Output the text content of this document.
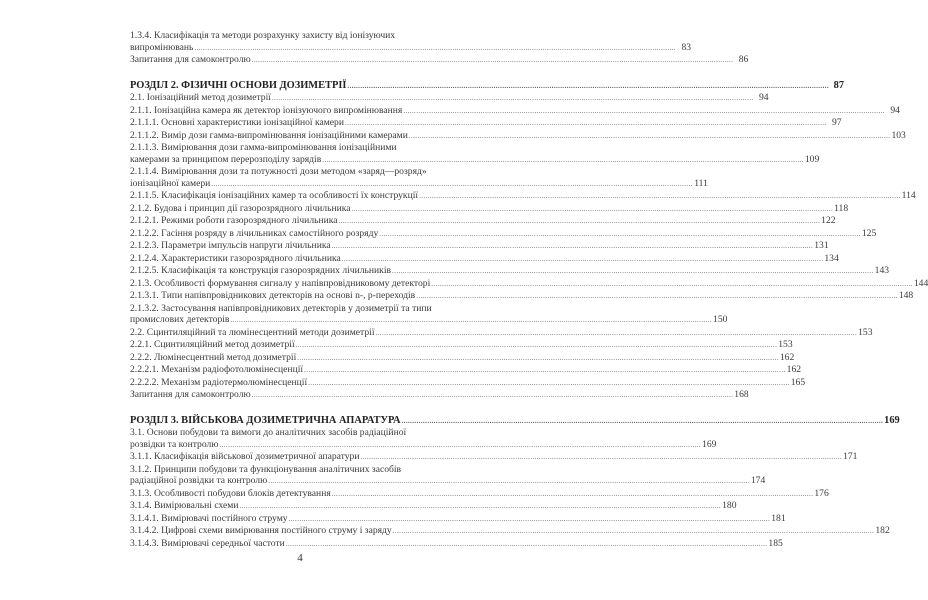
1.3.4. Класифікація та методи розрахунку захисту від іонізуючих
випромінювань .....	83
Запитання для самоконтролю .....	86
РОЗДІЛ 2. ФІЗИЧНІ ОСНОВИ ДОЗИМЕТРІЇ .....	87
2.1. Іонізаційний метод дозиметрії .....	94
2.1.1. Іонізаційна камера як детектор іонізуючого випромінювання .....	94
2.1.1.1. Основні характеристики іонізаційної камери .....	97
2.1.1.2. Вимір дози гамма-випромінювання іонізаційними камерами .....	103
2.1.1.3. Вимірювання дози гамма-випромінювання іонізаційними
камерами за принципом перерозподілу зарядів .....	109
2.1.1.4. Вимірювання дози та потужності дози методом «заряд—розряд»
іонізаційної камери .....	111
2.1.1.5. Класифікація іонізаційних камер та особливості їх конструкції .....	114
2.1.2. Будова і принцип дії газорозрядного лічильника .....	118
2.1.2.1. Режими роботи газорозрядного лічильника .....	122
2.1.2.2. Гасіння розряду в лічильниках самостійного розряду .....	125
2.1.2.3. Параметри імпульсів напруги лічильника .....	131
2.1.2.4. Характеристики газорозрядного лічильника .....	134
2.1.2.5. Класифікація та конструкція газорозрядних лічильників .....	143
2.1.3. Особливості формування сигналу у напівпровідниковому детекторі .....	144
2.1.3.1. Типи напівпровідникових детекторів на основі n-, p-переходів .....	148
2.1.3.2. Застосування напівпровідникових детекторів у дозиметрії та типи
промислових детекторів .....	150
2.2. Сцинтиляційний та люмінесцентний методи дозиметрії .....	153
2.2.1. Сцинтиляційний метод дозиметрії .....	153
2.2.2. Люмінесцентний метод дозиметрії .....	162
2.2.2.1. Механізм радіофотолюмінесценції .....	162
2.2.2.2. Механізм радіотермолюмінесценції .....	165
Запитання для самоконтролю .....	168
РОЗДІЛ 3. ВІЙСЬКОВА ДОЗИМЕТРИЧНА АПАРАТУРА .....	169
3.1. Основи побудови та вимоги до аналітичних засобів радіаційної
розвідки та контролю .....	169
3.1.1. Класифікація військової дозиметричної апаратури .....	171
3.1.2. Принципи побудови та функціонування аналітичних засобів
радіаційної розвідки та контролю .....	174
3.1.3. Особливості побудови блоків детектування .....	176
3.1.4. Вимірювальні схеми .....	180
3.1.4.1. Вимірювачі постійного струму .....	181
3.1.4.2. Цифрові схеми вимірювання постійного струму і заряду .....	182
3.1.4.3. Вимірювачі середньої частоти .....	185
4
